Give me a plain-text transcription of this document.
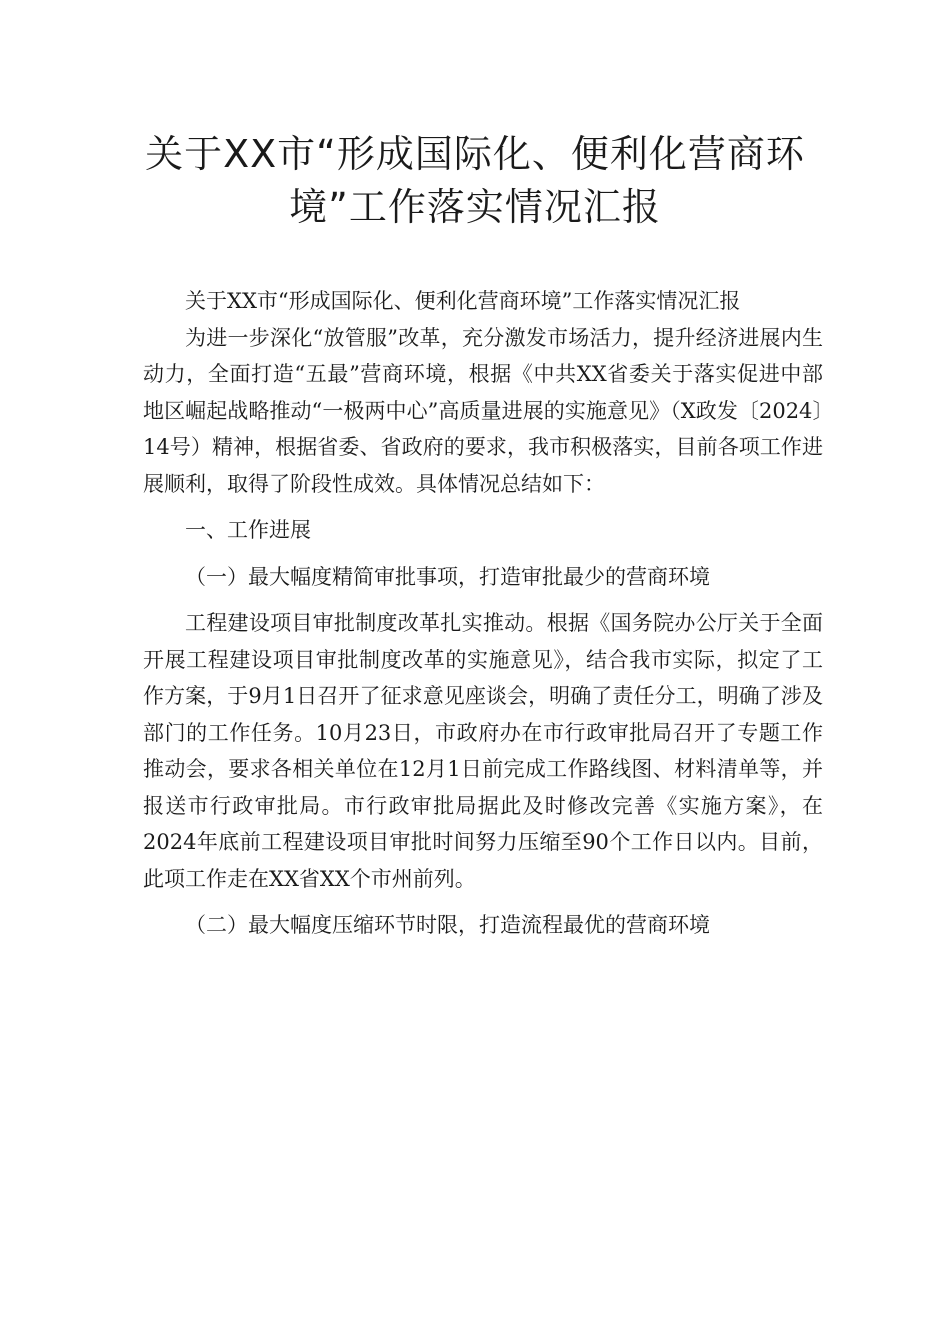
关于XX市“形成国际化、便利化营商环境”工作落实情况汇报

关于XX市“形成国际化、便利化营商环境”工作落实情况汇报

为进一步深化“放管服”改革，充分激发市场活力，提升经济进展内生动力，全面打造“五最”营商环境，根据《中共XX省委关于落实促进中部地区崛起战略推动“一极两中心”高质量进展的实施意见》（X政发〔2024〕14号）精神，根据省委、省政府的要求，我市积极落实，目前各项工作进展顺利，取得了阶段性成效。具体情况总结如下：

一、工作进展

（一）最大幅度精简审批事项，打造审批最少的营商环境

工程建设项目审批制度改革扎实推动。根据《国务院办公厅关于全面开展工程建设项目审批制度改革的实施意见》，结合我市实际，拟定了工作方案，于9月1日召开了征求意见座谈会，明确了责任分工，明确了涉及部门的工作任务。10月23日，市政府办在市行政审批局召开了专题工作推动会，要求各相关单位在12月1日前完成工作路线图、材料清单等，并报送市行政审批局。市行政审批局据此及时修改完善《实施方案》，在2024年底前工程建设项目审批时间努力压缩至90个工作日以内。目前，此项工作走在XX省XX个市州前列。

（二）最大幅度压缩环节时限，打造流程最优的营商环境
